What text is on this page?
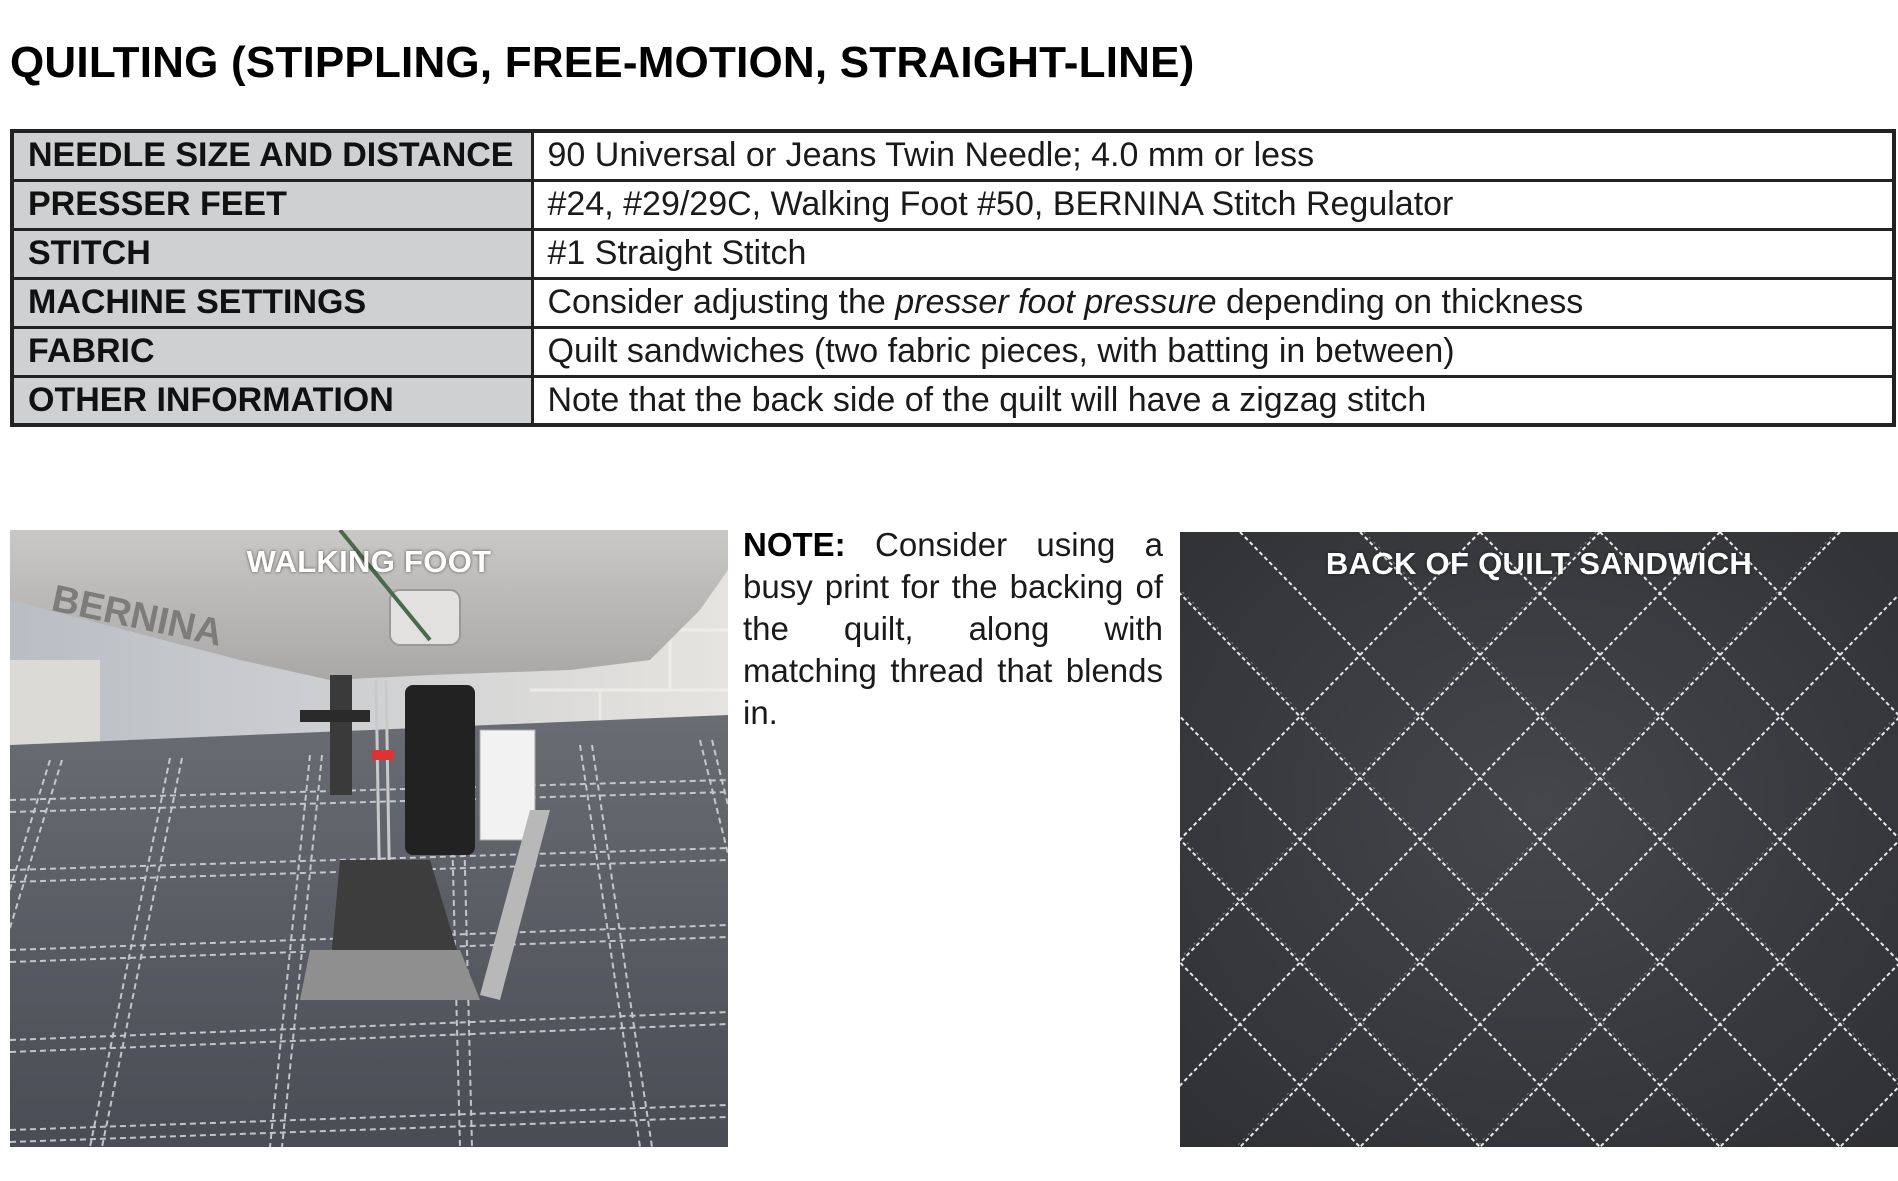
QUILTING (STIPPLING, FREE-MOTION, STRAIGHT-LINE)
NEEDLE SIZE AND DISTANCE	90 Universal or Jeans Twin Needle; 4.0 mm or less
PRESSER FEET	#24, #29/29C, Walking Foot #50, BERNINA Stitch Regulator
STITCH	#1 Straight Stitch
MACHINE SETTINGS	Consider adjusting the presser foot pressure depending on thickness
FABRIC	Quilt sandwiches (two fabric pieces, with batting in between)
OTHER INFORMATION	Note that the back side of the quilt will have a zigzag stitch
BERNINA
WALKING FOOT	NOTE: Consider using a busy print for the backing of the quilt, along with matching thread that blends in.
BACK OF QUILT SANDWICH
